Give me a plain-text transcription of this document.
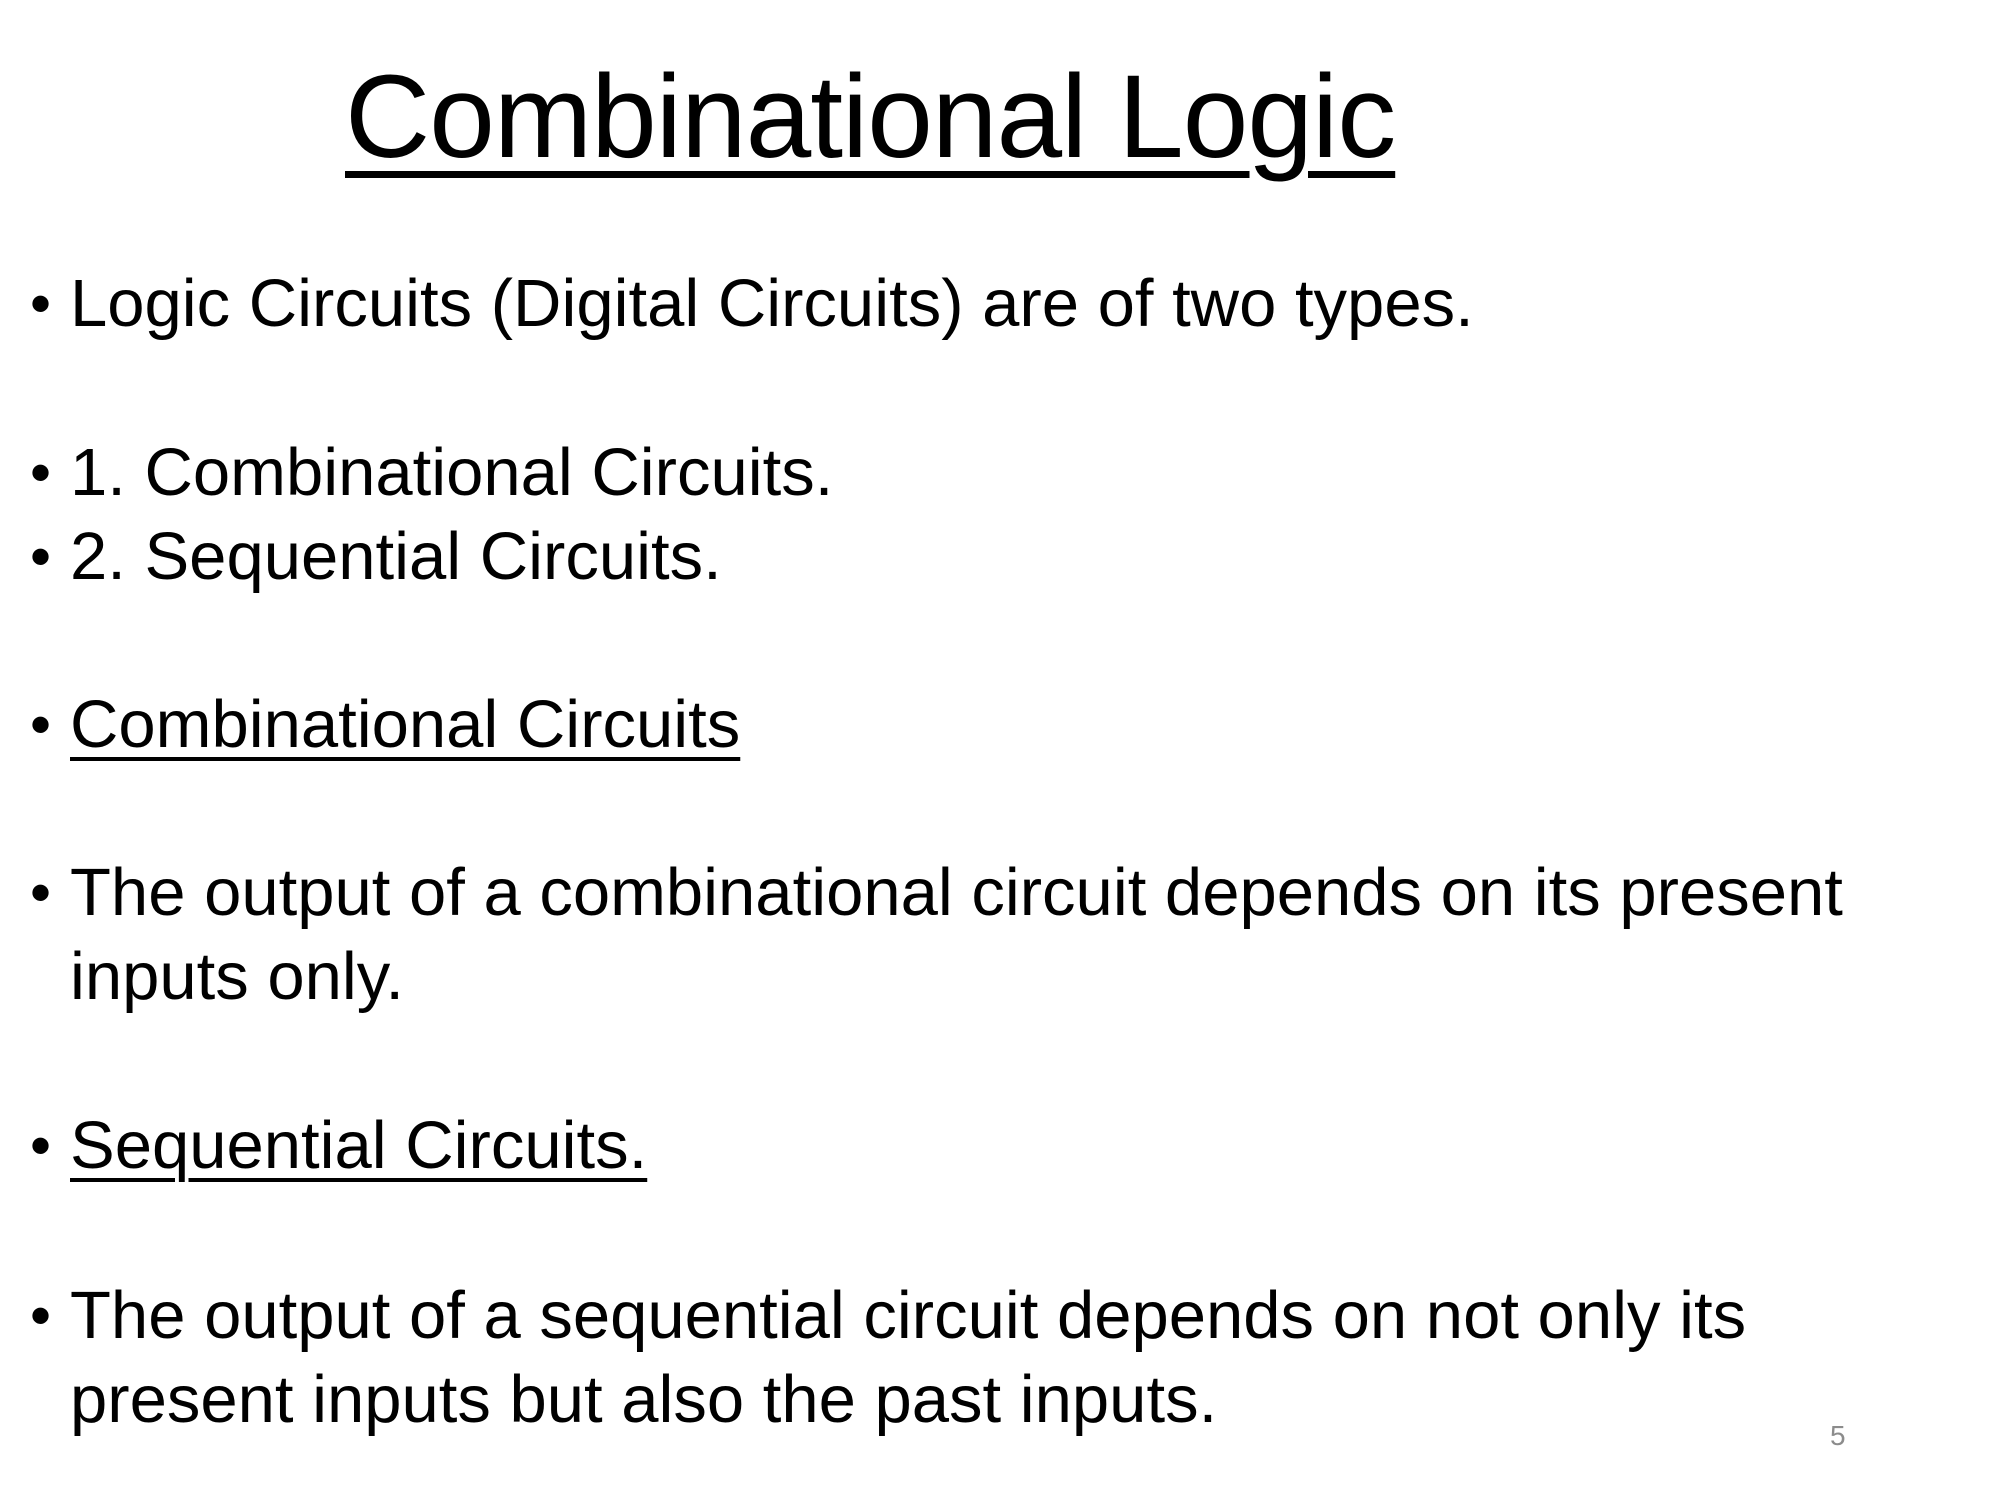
Combinational Logic
• Logic Circuits (Digital Circuits) are of two types.
• 1. Combinational Circuits.
• 2. Sequential Circuits.
• Combinational Circuits
• The output of a combinational circuit depends on its present
inputs only.
• Sequential Circuits.
• The output of a sequential circuit depends on not only its
present inputs but also the past inputs.	5
